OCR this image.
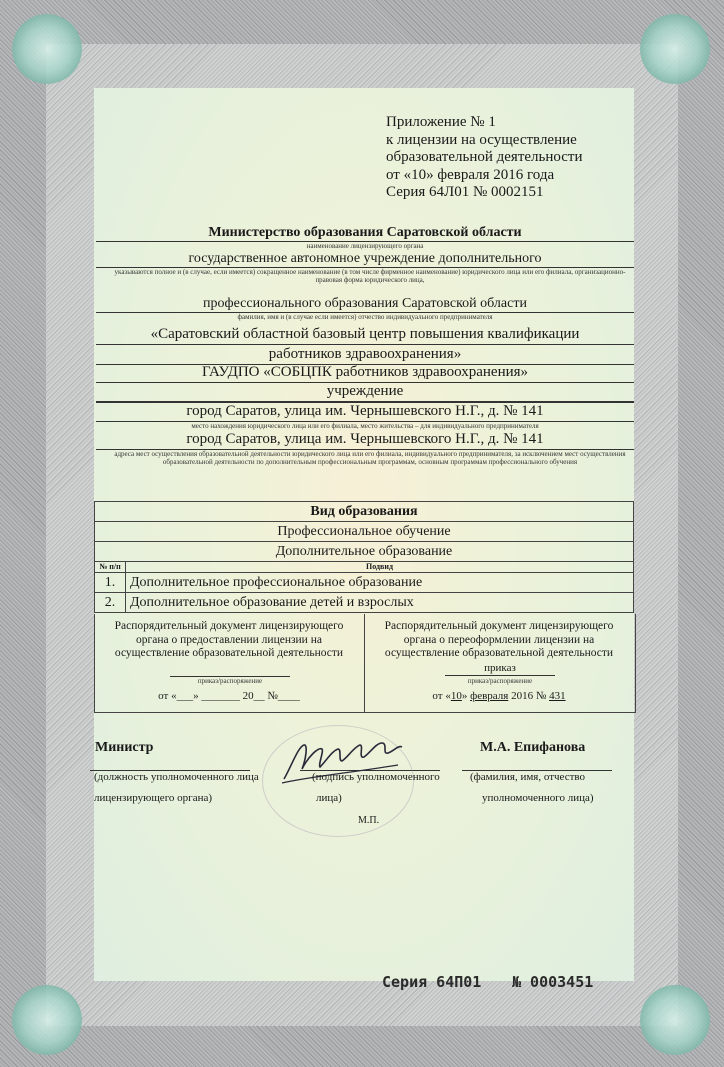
Приложение № 1
к лицензии на осуществление
образовательной деятельности
от «10» февраля 2016 года
Серия 64Л01 № 0002151
Министерство образования Саратовской области
наименование лицензирующего органа
государственное автономное учреждение дополнительного
указываются полное и (в случае, если имеется) сокращенное наименование (в том числе фирменное наименование) юридического лица или его филиала, организационно-правовая форма юридического лица,
профессионального образования Саратовской области
фамилия, имя и (в случае если имеется) отчество индивидуального предпринимателя
«Саратовский областной базовый центр повышения квалификации
работников здравоохранения»
ГАУДПО «СОБЦПК работников здравоохранения»
учреждение
город Саратов, улица им. Чернышевского Н.Г., д. № 141
место нахождения юридического лица или его филиала, место жительства – для индивидуального предпринимателя
город Саратов, улица им. Чернышевского Н.Г., д. № 141
адреса мест осуществления образовательной деятельности юридического лица или его филиала, индивидуального предпринимателя, за исключением мест осуществления образовательной деятельности по дополнительным профессиональным программам, основным программам профессионального обучения
Вид образования	
Профессиональное обучение	
Дополнительное образование	
№ п/п	Подвид
1.	Дополнительное профессиональное образование
2.	Дополнительное образование детей и взрослых
Распорядительный документ лицензирующего органа о предоставлении лицензии на осуществление образовательной деятельности
приказ/распоряжение
от «___» _______ 20__ №____
Распорядительный документ лицензирующего органа о переоформлении лицензии на осуществление образовательной деятельности
приказ
приказ/распоряжение
от «10» февраля 2016 № 431
Министр	М.А. Епифанова
(должность уполномоченного лица
лицензирующего органа)
(подпись уполномоченного
лица)
(фамилия, имя, отчество
уполномоченного лица)
М.П.
Серия 64П01 № 0003451
